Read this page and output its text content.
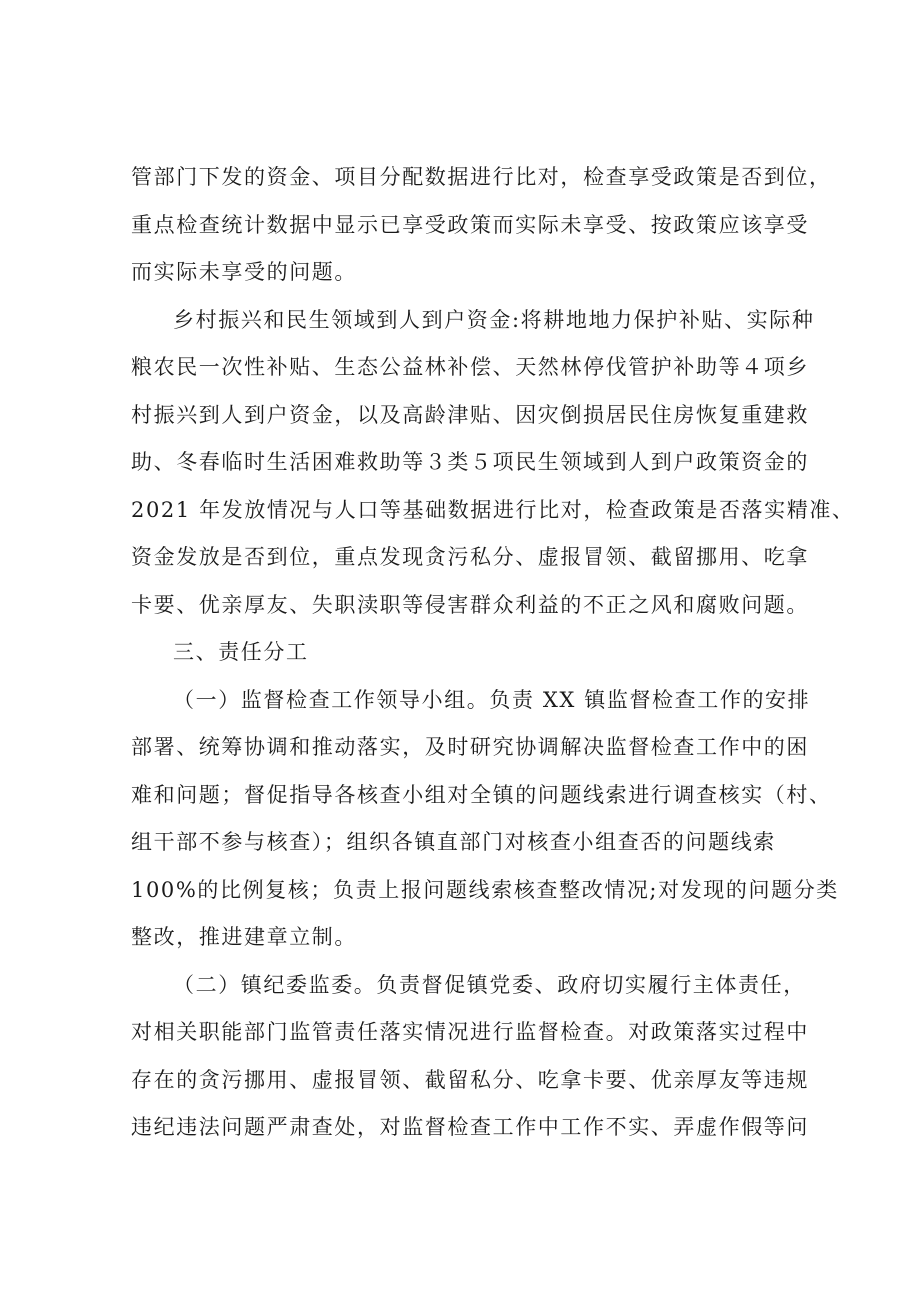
管部门下发的资金、项目分配数据进行比对，检查享受政策是否到位，
重点检查统计数据中显示已享受政策而实际未享受、按政策应该享受
而实际未享受的问题。
乡村振兴和民生领域到人到户资金:将耕地地力保护补贴、实际种
粮农民一次性补贴、生态公益林补偿、天然林停伐管护补助等４项乡
村振兴到人到户资金，以及高龄津贴、因灾倒损居民住房恢复重建救
助、冬春临时生活困难救助等３类５项民生领域到人到户政策资金的
2021 年发放情况与人口等基础数据进行比对，检查政策是否落实精准、
资金发放是否到位，重点发现贪污私分、虚报冒领、截留挪用、吃拿
卡要、优亲厚友、失职渎职等侵害群众利益的不正之风和腐败问题。
三、责任分工
（一）监督检查工作领导小组。负责 XX 镇监督检查工作的安排
部署、统筹协调和推动落实，及时研究协调解决监督检查工作中的困
难和问题；督促指导各核查小组对全镇的问题线索进行调查核实（村、
组干部不参与核查）；组织各镇直部门对核查小组查否的问题线索
100%的比例复核；负责上报问题线索核查整改情况;对发现的问题分类
整改，推进建章立制。
（二）镇纪委监委。负责督促镇党委、政府切实履行主体责任，
对相关职能部门监管责任落实情况进行监督检查。对政策落实过程中
存在的贪污挪用、虚报冒领、截留私分、吃拿卡要、优亲厚友等违规
违纪违法问题严肃查处，对监督检查工作中工作不实、弄虚作假等问
